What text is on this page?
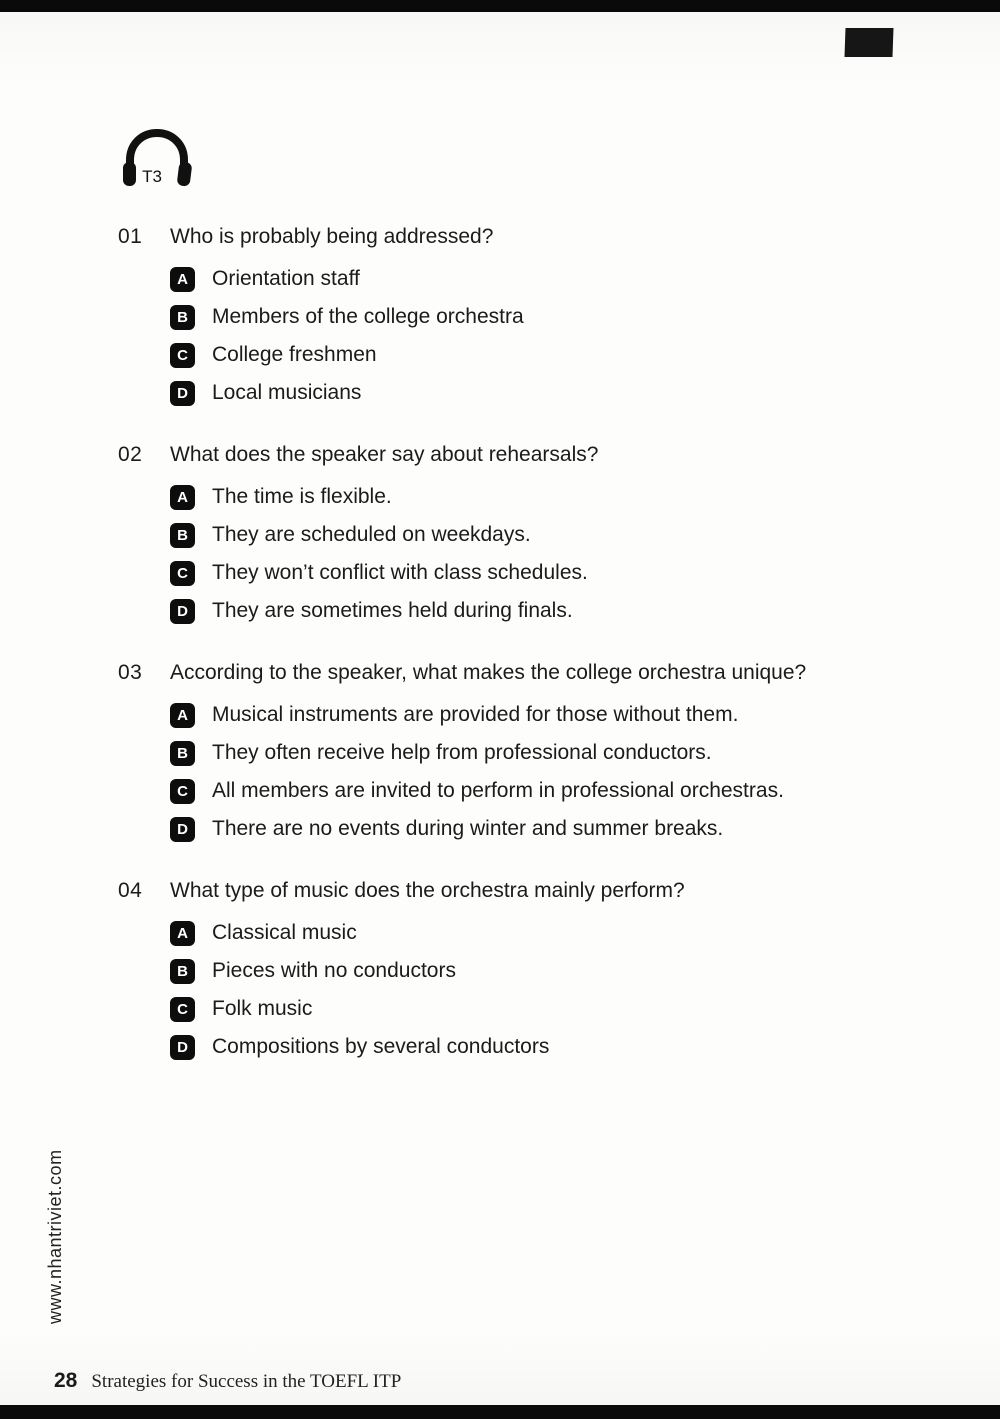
T3
01	Who is probably being addressed?
A	Orientation staff
B	Members of the college orchestra
C	College freshmen
D	Local musicians
02	What does the speaker say about rehearsals?
A	The time is flexible.
B	They are scheduled on weekdays.
C	They won’t conflict with class schedules.
D	They are sometimes held during finals.
03	According to the speaker, what makes the college orchestra unique?
A	Musical instruments are provided for those without them.
B	They often receive help from professional conductors.
C	All members are invited to perform in professional orchestras.
D	There are no events during winter and summer breaks.
04	What type of music does the orchestra mainly perform?
A	Classical music
B	Pieces with no conductors
C	Folk music
D	Compositions by several conductors
www.nhantriviet.com
28 Strategies for Success in the TOEFL ITP
